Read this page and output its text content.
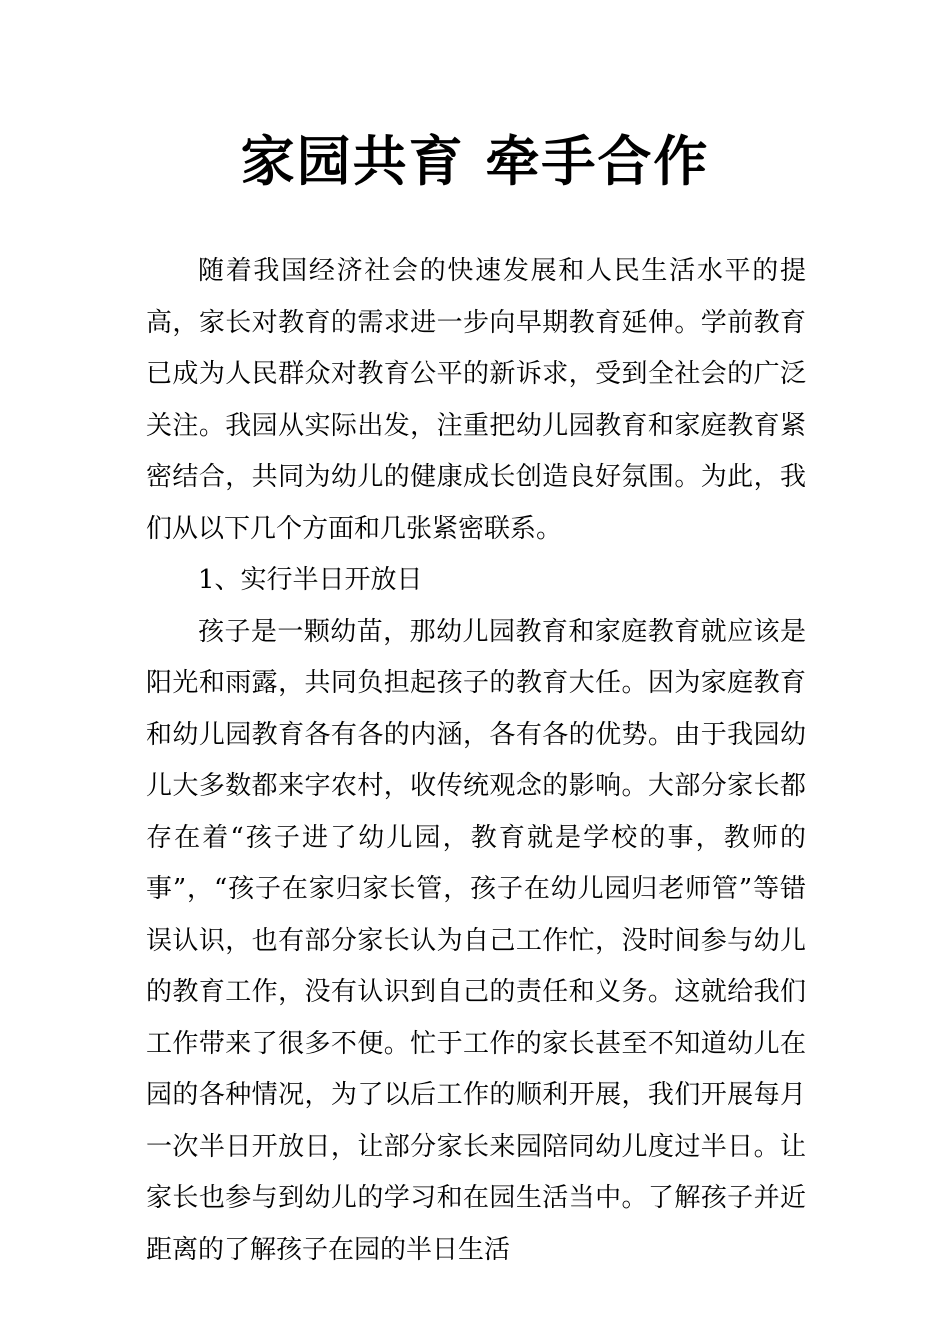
家园共育 牵手合作

随着我国经济社会的快速发展和人民生活水平的提高，家长对教育的需求进一步向早期教育延伸。学前教育已成为人民群众对教育公平的新诉求，受到全社会的广泛关注。我园从实际出发，注重把幼儿园教育和家庭教育紧密结合，共同为幼儿的健康成长创造良好氛围。为此，我们从以下几个方面和几张紧密联系。

1、实行半日开放日

孩子是一颗幼苗，那幼儿园教育和家庭教育就应该是阳光和雨露，共同负担起孩子的教育大任。因为家庭教育和幼儿园教育各有各的内涵，各有各的优势。由于我园幼儿大多数都来字农村，收传统观念的影响。大部分家长都存在着“孩子进了幼儿园，教育就是学校的事，教师的事”，“孩子在家归家长管，孩子在幼儿园归老师管”等错误认识，也有部分家长认为自己工作忙，没时间参与幼儿的教育工作，没有认识到自己的责任和义务。这就给我们工作带来了很多不便。忙于工作的家长甚至不知道幼儿在园的各种情况，为了以后工作的顺利开展，我们开展每月一次半日开放日，让部分家长来园陪同幼儿度过半日。让家长也参与到幼儿的学习和在园生活当中。了解孩子并近距离的了解孩子在园的半日生活
